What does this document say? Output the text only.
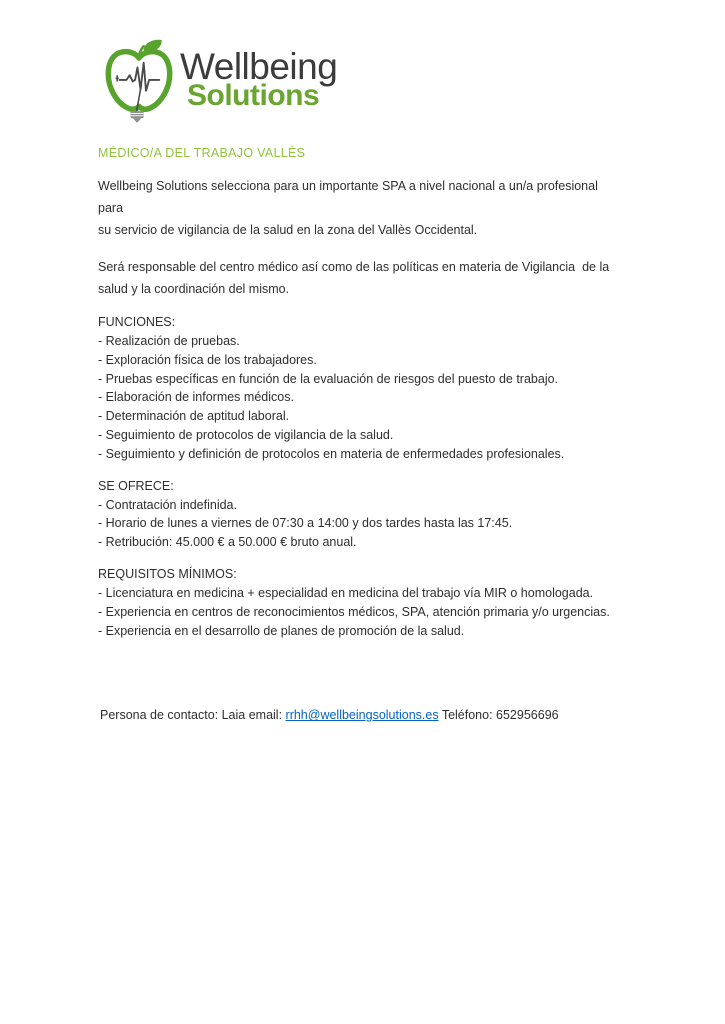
Wellbeing
Solutions
MÉDICO/A DEL TRABAJO VALLÈS
Wellbeing Solutions selecciona para un importante SPA a nivel nacional a un/a profesional para
su servicio de vigilancia de la salud en la zona del Vallès Occidental.
Será responsable del centro médico así como de las políticas en materia de Vigilancia  de la
salud y la coordinación del mismo.
FUNCIONES:
- Realización de pruebas.
- Exploración física de los trabajadores.
- Pruebas específicas en función de la evaluación de riesgos del puesto de trabajo.
- Elaboración de informes médicos.
- Determinación de aptitud laboral.
- Seguimiento de protocolos de vigilancia de la salud.
- Seguimiento y definición de protocolos en materia de enfermedades profesionales.
SE OFRECE:
- Contratación indefinida.
- Horario de lunes a viernes de 07:30 a 14:00 y dos tardes hasta las 17:45.
- Retribución: 45.000 € a 50.000 € bruto anual.
REQUISITOS MÍNIMOS:
- Licenciatura en medicina + especialidad en medicina del trabajo vía MIR o homologada.
- Experiencia en centros de reconocimientos médicos, SPA, atención primaria y/o urgencias.
- Experiencia en el desarrollo de planes de promoción de la salud.
Persona de contacto: Laia email: rrhh@wellbeingsolutions.es Teléfono: 652956696
